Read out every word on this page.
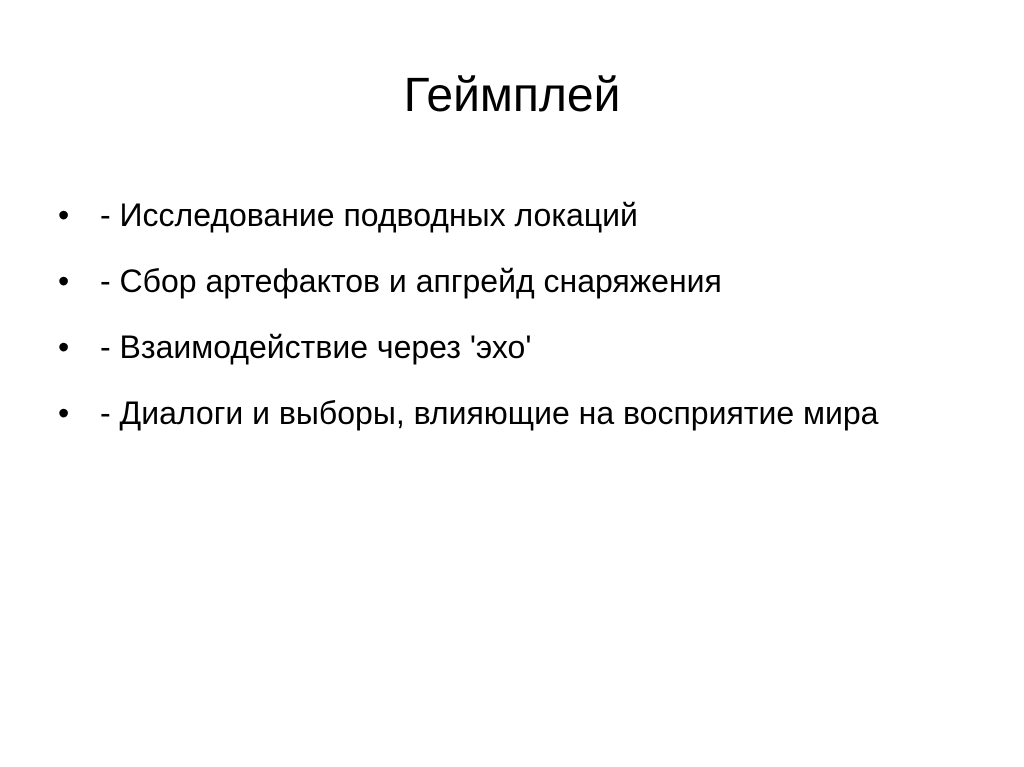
Геймплей
• - Исследование подводных локаций
• - Сбор артефактов и апгрейд снаряжения
• - Взаимодействие через 'эхо'
• - Диалоги и выборы, влияющие на восприятие мира
